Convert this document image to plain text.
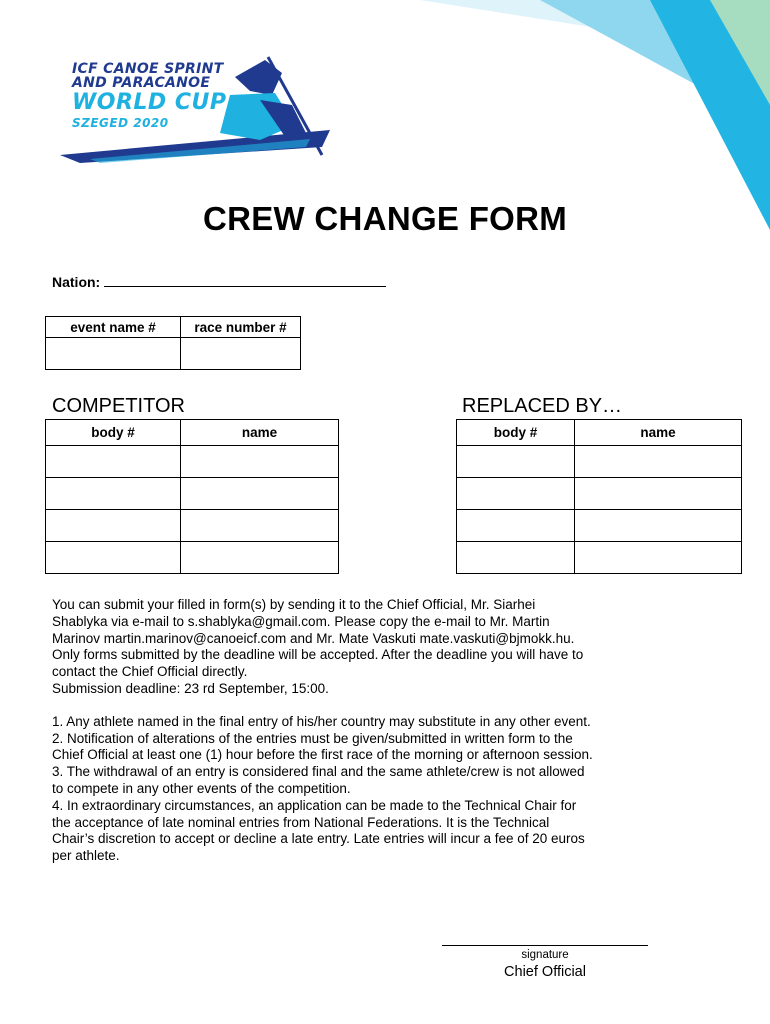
ICF CANOE SPRINT
AND PARACANOE
WORLD CUP
SZEGED 2020
CREW CHANGE FORM
Nation:
event name #	race number #

COMPETITOR	REPLACED BY…
body #	name

		body #	name

You can submit your filled in form(s) by sending it to the Chief Official, Mr. Siarhei

Shablyka via e-mail to s.shablyka@gmail.com. Please copy the e-mail to Mr. Martin

Marinov martin.marinov@canoeicf.com and Mr. Mate Vaskuti mate.vaskuti@bjmokk.hu.

Only forms submitted by the deadline will be accepted. After the deadline you will have to

contact the Chief Official directly.

Submission deadline: 23 rd September, 15:00.

1. Any athlete named in the final entry of his/her country may substitute in any other event.

2. Notification of alterations of the entries must be given/submitted in written form to the

Chief Official at least one (1) hour before the first race of the morning or afternoon session.

3. The withdrawal of an entry is considered final and the same athlete/crew is not allowed

to compete in any other events of the competition.

4. In extraordinary circumstances, an application can be made to the Technical Chair for

the acceptance of late nominal entries from National Federations. It is the Technical

Chair’s discretion to accept or decline a late entry. Late entries will incur a fee of 20 euros

per athlete.

signature
Chief Official
